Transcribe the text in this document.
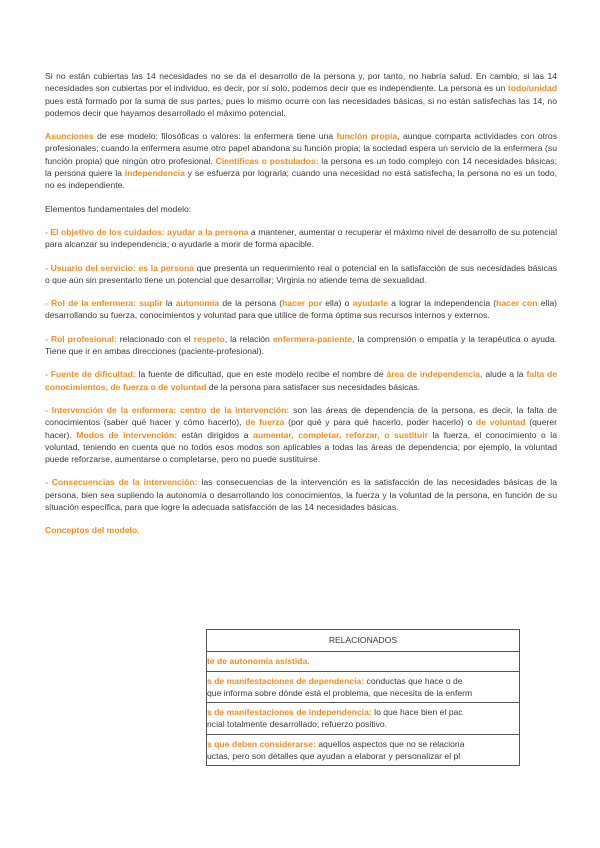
Si no están cubiertas las 14 necesidades no se da el desarrollo de la persona y, por tanto, no habría salud. En cambio, si las 14 necesidades son cubiertas por el individuo, es decir, por sí solo, podemos decir que es independiente. La persona es un todo/unidad pues está formado por la suma de sus partes, pues lo mismo ocurre con las necesidades básicas, si no están satisfechas las 14, no podemos decir que hayamos desarrollado el máximo potencial.

Asunciones de ese modelo: filosóficas o valores: la enfermera tiene una función propia, aunque comparta actividades con otros profesionales; cuando la enfermera asume otro papel abandona su función propia; la sociedad espera un servicio de la enfermera (su función propia) que ningún otro profesional. Científicas o postulados: la persona es un todo complejo con 14 necesidades básicas; la persona quiere la independencia y se esfuerza por lograrla; cuando una necesidad no está satisfecha, la persona no es un todo, no es independiente.

Elementos fundamentales del modelo:

- El objetivo de los cuidados: ayudar a la persona a mantener, aumentar o recuperar el máximo nivel de desarrollo de su potencial para alcanzar su independencia; o ayudarle a morir de forma apacible.

- Usuario del servicio: es la persona que presenta un requerimiento real o potencial en la satisfacción de sus necesidades básicas o que aún sin presentarlo tiene un potencial que desarrollar; Virginia no atiende tema de sexualidad.

- Rol de la enfermera: suplir la autonomía de la persona (hacer por ella) o ayudarle a lograr la independencia (hacer con ella) desarrollando su fuerza, conocimientos y voluntad para que utilice de forma óptima sus recursos internos y externos.

- Rol profesional: relacionado con el respeto, la relación enfermera-paciente, la comprensión o empatía y la terapéutica o ayuda. Tiene que ir en ambas direcciones (paciente-profesional).

- Fuente de dificultad: la fuente de dificultad, que en este modelo recibe el nombre de área de independencia, alude a la falta de conocimientos, de fuerza o de voluntad de la persona para satisfacer sus necesidades básicas.

- Intervención de la enfermera: centro de la intervención: son las áreas de dependencia de la persona, es decir, la falta de conocimientos (saber qué hacer y cómo hacerlo), de fuerza (por qué y para qué hacerlo, poder hacerlo) o de voluntad (querer hacer). Modos de intervención: están dirigidos a aumentar, completar, reforzar, o sustituir la fuerza, el conocimiento o la voluntad, teniendo en cuenta que no todos esos modos son aplicables a todas las áreas de dependencia; por ejemplo, la voluntad puede reforzarse, aumentarse o completarse, pero no puede sustituirse.

- Consecuencias de la intervención: las consecuencias de la intervención es la satisfacción de las necesidades básicas de la persona, bien sea supliendo la autonomía o desarrollando los conocimientos, la fuerza y la voluntad de la persona, en función de su situación específica, para que logre la adecuada satisfacción de las 14 necesidades básicas.

Conceptos del modelo.

RELACIONADOS
te de autonomía asistida.
s de manifestaciones de dependencia: conductas que hace o de
que informa sobre dónde está el problema, que necesita de la enferm
s de manifestaciones de independencia: lo que hace bien el pac
ncial totalmente desarrollado; refuerzo positivo.
s que deben considerarse: aquellos aspectos que no se relaciona
uctas, pero son detalles que ayudan a elaborar y personalizar el pl
